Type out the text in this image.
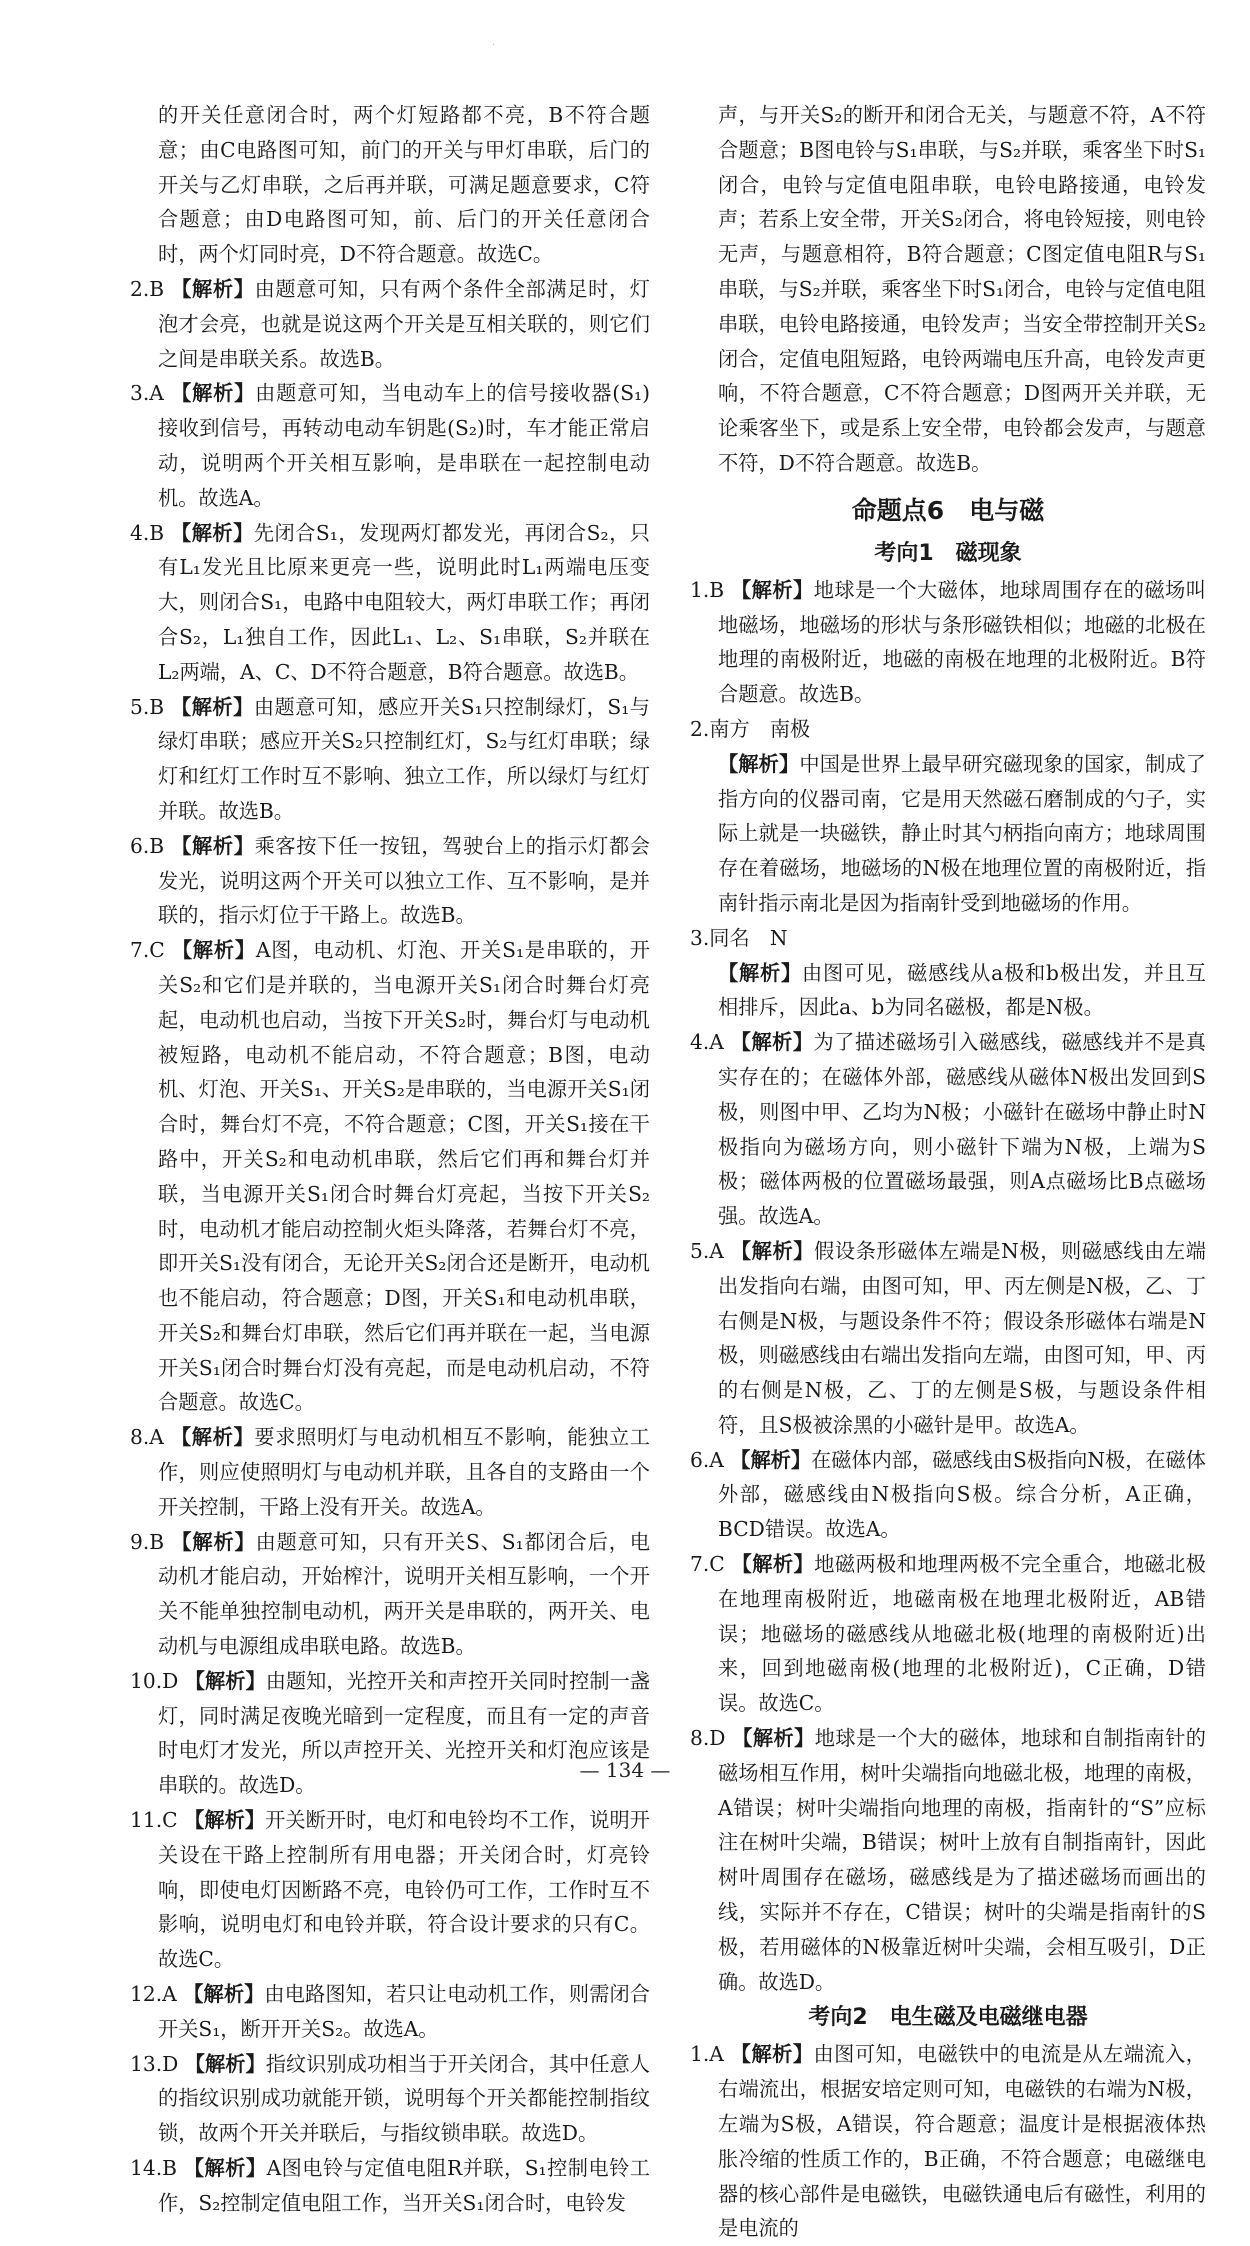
·

的开关任意闭合时，两个灯短路都不亮，B不符合题意；由C电路图可知，前门的开关与甲灯串联，后门的开关与乙灯串联，之后再并联，可满足题意要求，C符合题意；由D电路图可知，前、后门的开关任意闭合时，两个灯同时亮，D不符合题意。故选C。

2.B 【解析】由题意可知，只有两个条件全部满足时，灯泡才会亮，也就是说这两个开关是互相关联的，则它们之间是串联关系。故选B。

3.A 【解析】由题意可知，当电动车上的信号接收器(S₁)接收到信号，再转动电动车钥匙(S₂)时，车才能正常启动，说明两个开关相互影响，是串联在一起控制电动机。故选A。

4.B 【解析】先闭合S₁，发现两灯都发光，再闭合S₂，只有L₁发光且比原来更亮一些，说明此时L₁两端电压变大，则闭合S₁，电路中电阻较大，两灯串联工作；再闭合S₂，L₁独自工作，因此L₁、L₂、S₁串联，S₂并联在L₂两端，A、C、D不符合题意，B符合题意。故选B。

5.B 【解析】由题意可知，感应开关S₁只控制绿灯，S₁与绿灯串联；感应开关S₂只控制红灯，S₂与红灯串联；绿灯和红灯工作时互不影响、独立工作，所以绿灯与红灯并联。故选B。

6.B 【解析】乘客按下任一按钮，驾驶台上的指示灯都会发光，说明这两个开关可以独立工作、互不影响，是并联的，指示灯位于干路上。故选B。

7.C 【解析】A图，电动机、灯泡、开关S₁是串联的，开关S₂和它们是并联的，当电源开关S₁闭合时舞台灯亮起，电动机也启动，当按下开关S₂时，舞台灯与电动机被短路，电动机不能启动，不符合题意；B图，电动机、灯泡、开关S₁、开关S₂是串联的，当电源开关S₁闭合时，舞台灯不亮，不符合题意；C图，开关S₁接在干路中，开关S₂和电动机串联，然后它们再和舞台灯并联，当电源开关S₁闭合时舞台灯亮起，当按下开关S₂时，电动机才能启动控制火炬头降落，若舞台灯不亮，即开关S₁没有闭合，无论开关S₂闭合还是断开，电动机也不能启动，符合题意；D图，开关S₁和电动机串联，开关S₂和舞台灯串联，然后它们再并联在一起，当电源开关S₁闭合时舞台灯没有亮起，而是电动机启动，不符合题意。故选C。

8.A 【解析】要求照明灯与电动机相互不影响，能独立工作，则应使照明灯与电动机并联，且各自的支路由一个开关控制，干路上没有开关。故选A。

9.B 【解析】由题意可知，只有开关S、S₁都闭合后，电动机才能启动，开始榨汁，说明开关相互影响，一个开关不能单独控制电动机，两开关是串联的，两开关、电动机与电源组成串联电路。故选B。

10.D 【解析】由题知，光控开关和声控开关同时控制一盏灯，同时满足夜晚光暗到一定程度，而且有一定的声音时电灯才发光，所以声控开关、光控开关和灯泡应该是串联的。故选D。

11.C 【解析】开关断开时，电灯和电铃均不工作，说明开关设在干路上控制所有用电器；开关闭合时，灯亮铃响，即使电灯因断路不亮，电铃仍可工作，工作时互不影响，说明电灯和电铃并联，符合设计要求的只有C。故选C。

12.A 【解析】由电路图知，若只让电动机工作，则需闭合开关S₁，断开开关S₂。故选A。

13.D 【解析】指纹识别成功相当于开关闭合，其中任意人的指纹识别成功就能开锁，说明每个开关都能控制指纹锁，故两个开关并联后，与指纹锁串联。故选D。

14.B 【解析】A图电铃与定值电阻R并联，S₁控制电铃工作，S₂控制定值电阻工作，当开关S₁闭合时，电铃发

声，与开关S₂的断开和闭合无关，与题意不符，A不符合题意；B图电铃与S₁串联，与S₂并联，乘客坐下时S₁闭合，电铃与定值电阻串联，电铃电路接通，电铃发声；若系上安全带，开关S₂闭合，将电铃短接，则电铃无声，与题意相符，B符合题意；C图定值电阻R与S₁串联，与S₂并联，乘客坐下时S₁闭合，电铃与定值电阻串联，电铃电路接通，电铃发声；当安全带控制开关S₂闭合，定值电阻短路，电铃两端电压升高，电铃发声更响，不符合题意，C不符合题意；D图两开关并联，无论乘客坐下，或是系上安全带，电铃都会发声，与题意不符，D不符合题意。故选B。

命题点6　电与磁
考向1　磁现象

1.B 【解析】地球是一个大磁体，地球周围存在的磁场叫地磁场，地磁场的形状与条形磁铁相似；地磁的北极在地理的南极附近，地磁的南极在地理的北极附近。B符合题意。故选B。

2.南方　南极

【解析】中国是世界上最早研究磁现象的国家，制成了指方向的仪器司南，它是用天然磁石磨制成的勺子，实际上就是一块磁铁，静止时其勺柄指向南方；地球周围存在着磁场，地磁场的N极在地理位置的南极附近，指南针指示南北是因为指南针受到地磁场的作用。

3.同名　N

【解析】由图可见，磁感线从a极和b极出发，并且互相排斥，因此a、b为同名磁极，都是N极。

4.A 【解析】为了描述磁场引入磁感线，磁感线并不是真实存在的；在磁体外部，磁感线从磁体N极出发回到S极，则图中甲、乙均为N极；小磁针在磁场中静止时N极指向为磁场方向，则小磁针下端为N极，上端为S极；磁体两极的位置磁场最强，则A点磁场比B点磁场强。故选A。

5.A 【解析】假设条形磁体左端是N极，则磁感线由左端出发指向右端，由图可知，甲、丙左侧是N极，乙、丁右侧是N极，与题设条件不符；假设条形磁体右端是N极，则磁感线由右端出发指向左端，由图可知，甲、丙的右侧是N极，乙、丁的左侧是S极，与题设条件相符，且S极被涂黑的小磁针是甲。故选A。

6.A 【解析】在磁体内部，磁感线由S极指向N极，在磁体外部，磁感线由N极指向S极。综合分析，A正确，BCD错误。故选A。

7.C 【解析】地磁两极和地理两极不完全重合，地磁北极在地理南极附近，地磁南极在地理北极附近，AB错误；地磁场的磁感线从地磁北极(地理的南极附近)出来，回到地磁南极(地理的北极附近)，C正确，D错误。故选C。

8.D 【解析】地球是一个大的磁体，地球和自制指南针的磁场相互作用，树叶尖端指向地磁北极，地理的南极，A错误；树叶尖端指向地理的南极，指南针的“S”应标注在树叶尖端，B错误；树叶上放有自制指南针，因此树叶周围存在磁场，磁感线是为了描述磁场而画出的线，实际并不存在，C错误；树叶的尖端是指南针的S极，若用磁体的N极靠近树叶尖端，会相互吸引，D正确。故选D。

考向2　电生磁及电磁继电器

1.A 【解析】由图可知，电磁铁中的电流是从左端流入，右端流出，根据安培定则可知，电磁铁的右端为N极，左端为S极，A错误，符合题意；温度计是根据液体热胀冷缩的性质工作的，B正确，不符合题意；电磁继电器的核心部件是电磁铁，电磁铁通电后有磁性，利用的是电流的

— 134 —
